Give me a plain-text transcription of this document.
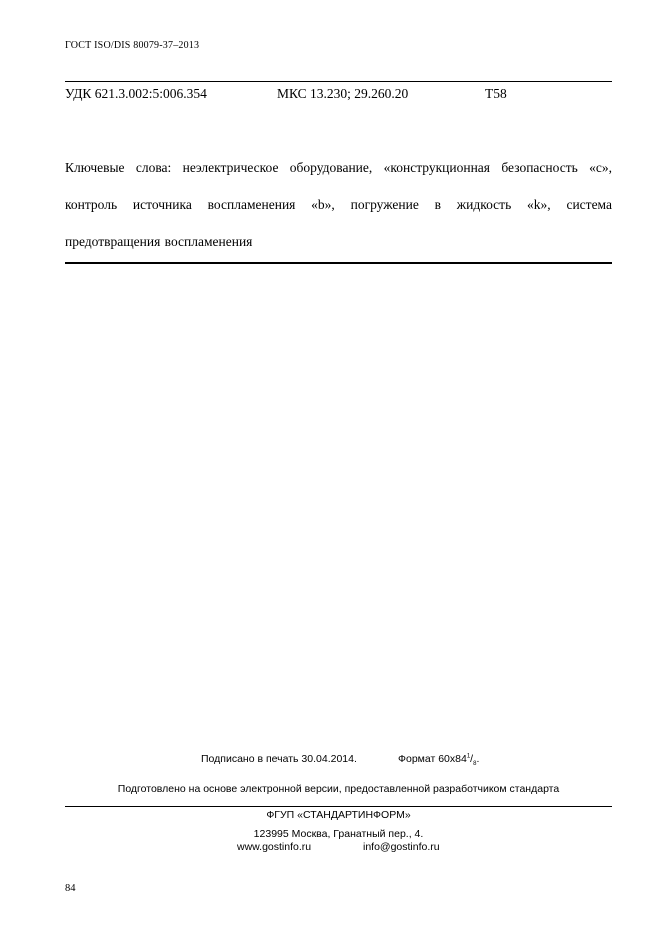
ГОСТ ISO/DIS 80079-37–2013
УДК 621.3.002:5:006.354	МКС 13.230; 29.260.20	Т58
Ключевые слова: неэлектрическое оборудование, «конструкционная безопасность «c», контроль источника воспламенения «b», погружение в жидкость «k», система предотвращения воспламенения
Подписано в печать 30.04.2014.	Формат $60х84^1/_8$.
Подготовлено на основе электронной версии, предоставленной разработчиком стандарта
ФГУП «СТАНДАРТИНФОРМ»
123995 Москва, Гранатный пер., 4.
www.gostinfo.ru	info@gostinfo.ru
84
